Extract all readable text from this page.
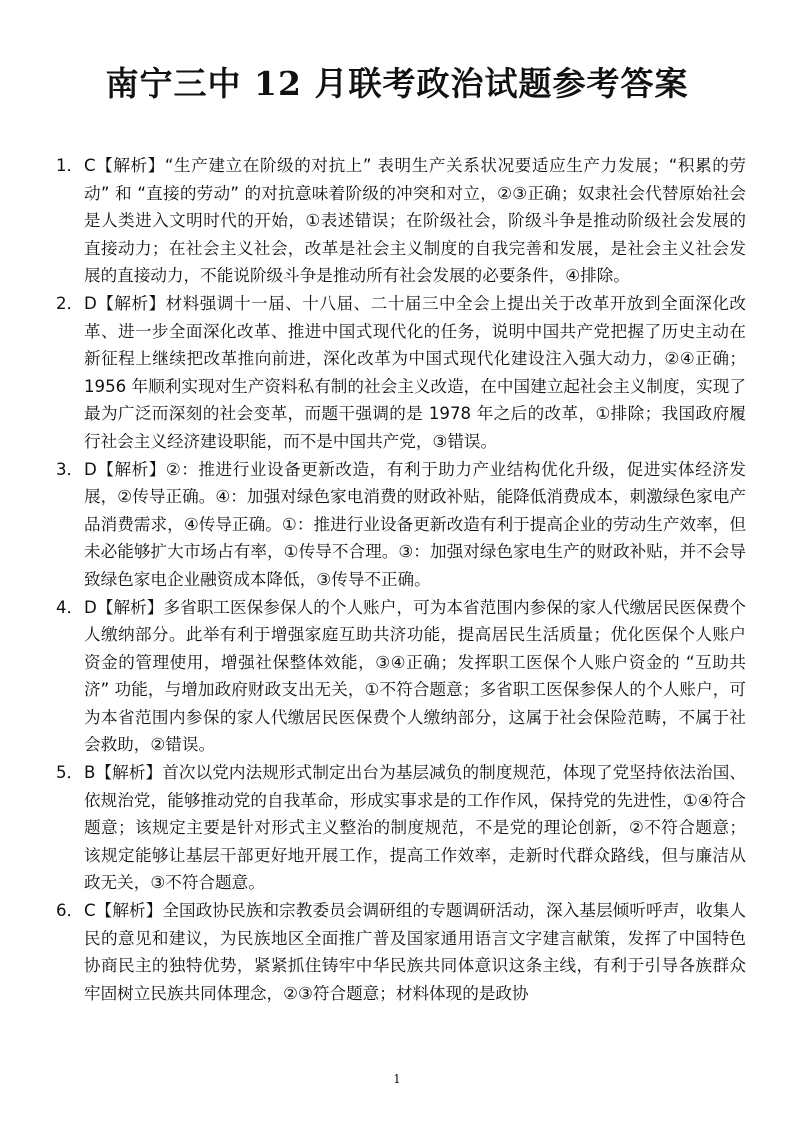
南宁三中 12 月联考政治试题参考答案
1． C【解析】“生产建立在阶级的对抗上” 表明生产关系状况要适应生产力发展；“积累的劳动” 和 “直接的劳动” 的对抗意味着阶级的冲突和对立，②③正确；奴隶社会代替原始社会是人类进入文明时代的开始，①表述错误；在阶级社会，阶级斗争是推动阶级社会发展的直接动力；在社会主义社会，改革是社会主义制度的自我完善和发展，是社会主义社会发展的直接动力，不能说阶级斗争是推动所有社会发展的必要条件，④排除。
2． D【解析】材料强调十一届、十八届、二十届三中全会上提出关于改革开放到全面深化改革、进一步全面深化改革、推进中国式现代化的任务，说明中国共产党把握了历史主动在新征程上继续把改革推向前进，深化改革为中国式现代化建设注入强大动力，②④正确；1956 年顺利实现对生产资料私有制的社会主义改造，在中国建立起社会主义制度，实现了最为广泛而深刻的社会变革，而题干强调的是 1978 年之后的改革，①排除；我国政府履行社会主义经济建设职能，而不是中国共产党，③错误。
3． D【解析】②：推进行业设备更新改造，有利于助力产业结构优化升级，促进实体经济发展，②传导正确。④：加强对绿色家电消费的财政补贴，能降低消费成本，刺激绿色家电产品消费需求，④传导正确。①：推进行业设备更新改造有利于提高企业的劳动生产效率，但未必能够扩大市场占有率，①传导不合理。③：加强对绿色家电生产的财政补贴，并不会导致绿色家电企业融资成本降低，③传导不正确。
4． D【解析】多省职工医保参保人的个人账户，可为本省范围内参保的家人代缴居民医保费个人缴纳部分。此举有利于增强家庭互助共济功能，提高居民生活质量；优化医保个人账户资金的管理使用，增强社保整体效能，③④正确；发挥职工医保个人账户资金的 “互助共济” 功能，与增加政府财政支出无关，①不符合题意；多省职工医保参保人的个人账户，可为本省范围内参保的家人代缴居民医保费个人缴纳部分，这属于社会保险范畴，不属于社会救助，②错误。
5． B【解析】首次以党内法规形式制定出台为基层减负的制度规范，体现了党坚持依法治国、依规治党，能够推动党的自我革命，形成实事求是的工作作风，保持党的先进性，①④符合题意；该规定主要是针对形式主义整治的制度规范，不是党的理论创新，②不符合题意；该规定能够让基层干部更好地开展工作，提高工作效率，走新时代群众路线，但与廉洁从政无关，③不符合题意。
6． C【解析】全国政协民族和宗教委员会调研组的专题调研活动，深入基层倾听呼声，收集人民的意见和建议，为民族地区全面推广普及国家通用语言文字建言献策，发挥了中国特色协商民主的独特优势，紧紧抓住铸牢中华民族共同体意识这条主线，有利于引导各族群众牢固树立民族共同体理念，②③符合题意；材料体现的是政协
1
